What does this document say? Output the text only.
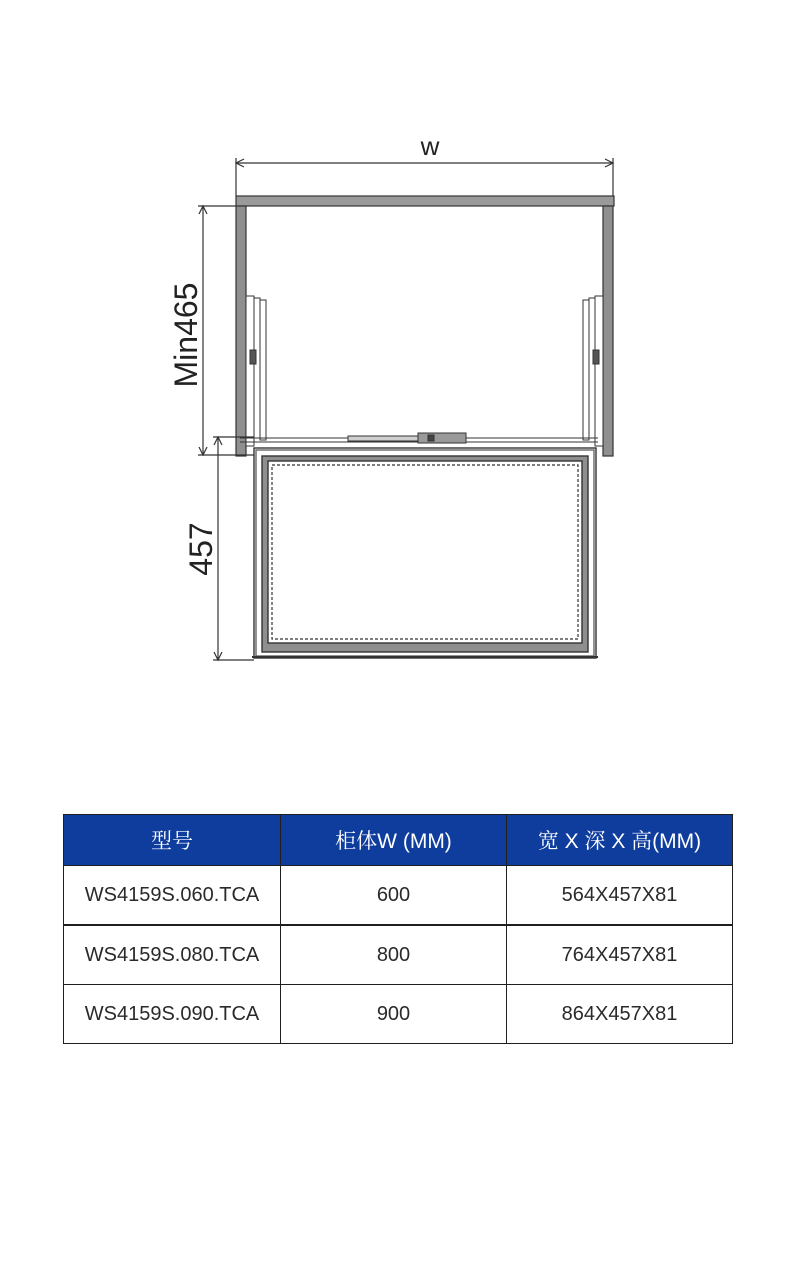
w
Min465
457
型号	柜体W (MM)	宽 X 深 X 高(MM)
WS4159S.060.TCA	600	564X457X81
WS4159S.080.TCA	800	764X457X81
WS4159S.090.TCA	900	864X457X81
